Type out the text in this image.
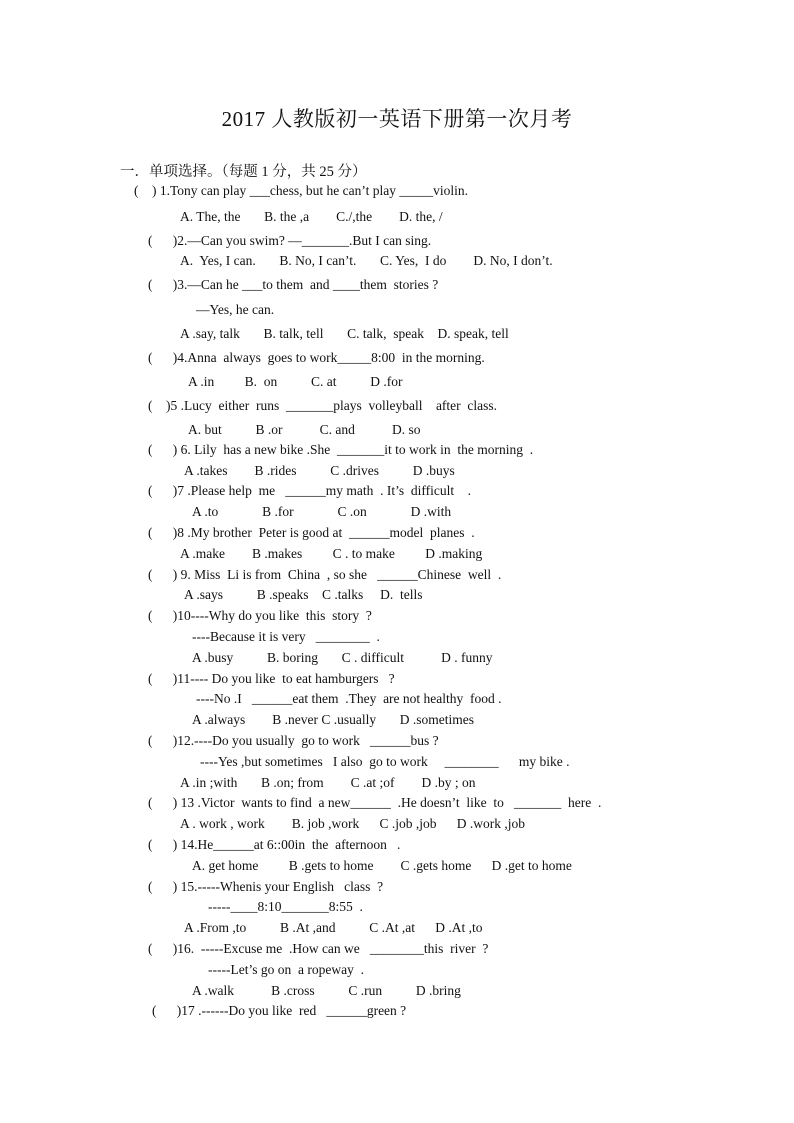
2017 人教版初一英语下册第一次月考
一．单项选择。（每题 1 分，共 25 分）
(    ) 1.Tony can play ___chess, but he can’t play _____violin.
A. The, the       B. the ,a        C./,the        D. the, /
(      )2.—Can you swim? —_______.But I can sing.
A.  Yes, I can.       B. No, I can’t.       C. Yes,  I do        D. No, I don’t.
(      )3.—Can he ___to them  and ____them  stories ?
—Yes, he can.
A .say, talk       B. talk, tell       C. talk,  speak    D. speak, tell
(      )4.Anna  always  goes to work_____8:00  in the morning.
A .in         B.  on          C. at          D .for
(    )5 .Lucy  either  runs  _______plays  volleyball    after  class.
A. but          B .or           C. and           D. so
(      ) 6. Lily  has a new bike .She  _______it to work in  the morning  .
A .takes        B .rides          C .drives          D .buys
(      )7 .Please help  me   ______my math  . It’s  difficult    .
A .to             B .for             C .on             D .with
(      )8 .My brother  Peter is good at  ______model  planes  .
A .make        B .makes         C . to make         D .making
(      ) 9. Miss  Li is from  China  , so she   ______Chinese  well  .
A .says          B .speaks    C .talks     D.  tells
(      )10----Why do you like  this  story  ?
----Because it is very   ________  .
A .busy          B. boring       C . difficult           D . funny
(      )11---- Do you like  to eat hamburgers   ?
----No .I   ______eat them  .They  are not healthy  food .
A .always        B .never C .usually       D .sometimes
(      )12.----Do you usually  go to work   ______bus ?
----Yes ,but sometimes   I also  go to work     ________      my bike .
A .in ;with       B .on; from        C .at ;of        D .by ; on
(      ) 13 .Victor  wants to find  a new______  .He doesn’t  like  to   _______  here  .
A . work , work        B. job ,work      C .job ,job      D .work ,job
(      ) 14.He______at 6::00in  the  afternoon   .
A. get home         B .gets to home        C .gets home      D .get to home
(      ) 15.-----Whenis your English   class  ?
-----____8:10_______8:55  .
A .From ,to          B .At ,and          C .At ,at      D .At ,to
(      )16.  -----Excuse me  .How can we   ________this  river  ?
-----Let’s go on  a ropeway  .
A .walk           B .cross          C .run          D .bring
(      )17 .------Do you like  red   ______green ?
